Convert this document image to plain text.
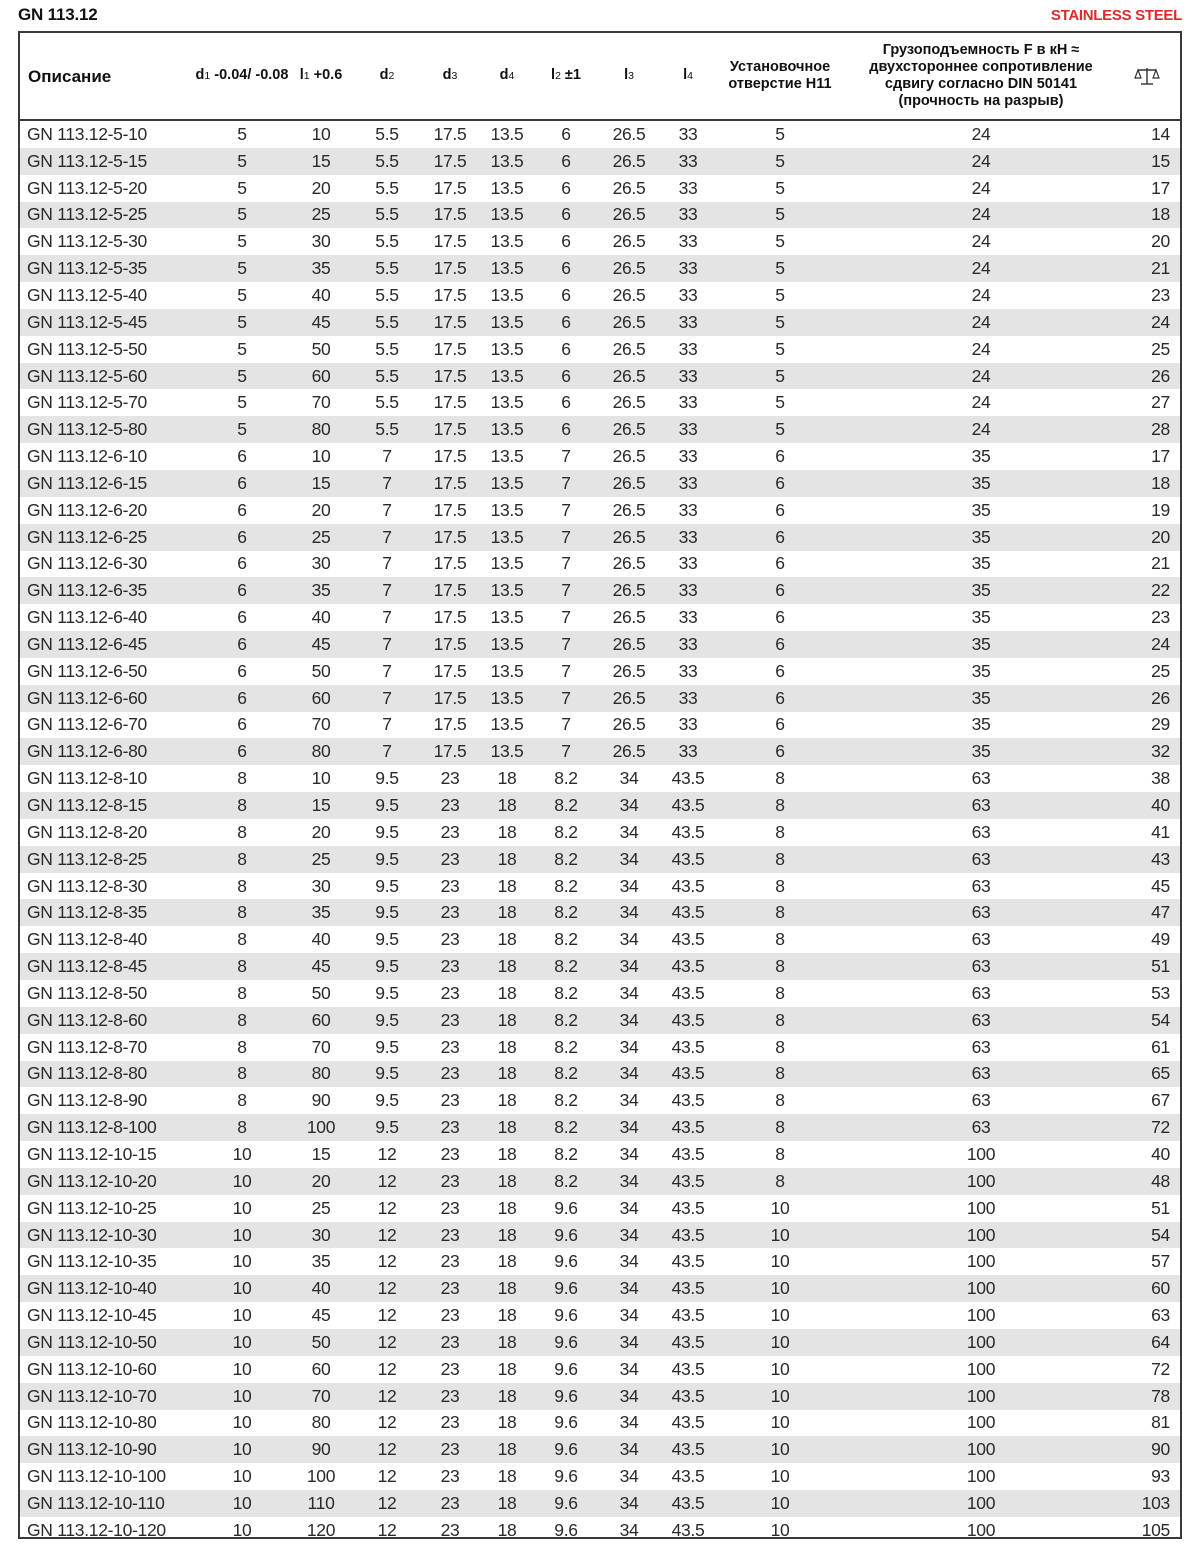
GN 113.12	STAINLESS STEEL
Описание	d1 -0.04/ -0.08	l1 +0.6	d2	d3	d4	l2 ±1	l3	l4	Установочное отверстие H11	Грузоподъемность F в кН ≈ двухстороннее сопротивление сдвигу согласно DIN 50141 (прочность на разрыв)	
GN 113.12-5-10	5	10	5.5	17.5	13.5	6	26.5	33	5	24	14
GN 113.12-5-15	5	15	5.5	17.5	13.5	6	26.5	33	5	24	15
GN 113.12-5-20	5	20	5.5	17.5	13.5	6	26.5	33	5	24	17
GN 113.12-5-25	5	25	5.5	17.5	13.5	6	26.5	33	5	24	18
GN 113.12-5-30	5	30	5.5	17.5	13.5	6	26.5	33	5	24	20
GN 113.12-5-35	5	35	5.5	17.5	13.5	6	26.5	33	5	24	21
GN 113.12-5-40	5	40	5.5	17.5	13.5	6	26.5	33	5	24	23
GN 113.12-5-45	5	45	5.5	17.5	13.5	6	26.5	33	5	24	24
GN 113.12-5-50	5	50	5.5	17.5	13.5	6	26.5	33	5	24	25
GN 113.12-5-60	5	60	5.5	17.5	13.5	6	26.5	33	5	24	26
GN 113.12-5-70	5	70	5.5	17.5	13.5	6	26.5	33	5	24	27
GN 113.12-5-80	5	80	5.5	17.5	13.5	6	26.5	33	5	24	28
GN 113.12-6-10	6	10	7	17.5	13.5	7	26.5	33	6	35	17
GN 113.12-6-15	6	15	7	17.5	13.5	7	26.5	33	6	35	18
GN 113.12-6-20	6	20	7	17.5	13.5	7	26.5	33	6	35	19
GN 113.12-6-25	6	25	7	17.5	13.5	7	26.5	33	6	35	20
GN 113.12-6-30	6	30	7	17.5	13.5	7	26.5	33	6	35	21
GN 113.12-6-35	6	35	7	17.5	13.5	7	26.5	33	6	35	22
GN 113.12-6-40	6	40	7	17.5	13.5	7	26.5	33	6	35	23
GN 113.12-6-45	6	45	7	17.5	13.5	7	26.5	33	6	35	24
GN 113.12-6-50	6	50	7	17.5	13.5	7	26.5	33	6	35	25
GN 113.12-6-60	6	60	7	17.5	13.5	7	26.5	33	6	35	26
GN 113.12-6-70	6	70	7	17.5	13.5	7	26.5	33	6	35	29
GN 113.12-6-80	6	80	7	17.5	13.5	7	26.5	33	6	35	32
GN 113.12-8-10	8	10	9.5	23	18	8.2	34	43.5	8	63	38
GN 113.12-8-15	8	15	9.5	23	18	8.2	34	43.5	8	63	40
GN 113.12-8-20	8	20	9.5	23	18	8.2	34	43.5	8	63	41
GN 113.12-8-25	8	25	9.5	23	18	8.2	34	43.5	8	63	43
GN 113.12-8-30	8	30	9.5	23	18	8.2	34	43.5	8	63	45
GN 113.12-8-35	8	35	9.5	23	18	8.2	34	43.5	8	63	47
GN 113.12-8-40	8	40	9.5	23	18	8.2	34	43.5	8	63	49
GN 113.12-8-45	8	45	9.5	23	18	8.2	34	43.5	8	63	51
GN 113.12-8-50	8	50	9.5	23	18	8.2	34	43.5	8	63	53
GN 113.12-8-60	8	60	9.5	23	18	8.2	34	43.5	8	63	54
GN 113.12-8-70	8	70	9.5	23	18	8.2	34	43.5	8	63	61
GN 113.12-8-80	8	80	9.5	23	18	8.2	34	43.5	8	63	65
GN 113.12-8-90	8	90	9.5	23	18	8.2	34	43.5	8	63	67
GN 113.12-8-100	8	100	9.5	23	18	8.2	34	43.5	8	63	72
GN 113.12-10-15	10	15	12	23	18	8.2	34	43.5	8	100	40
GN 113.12-10-20	10	20	12	23	18	8.2	34	43.5	8	100	48
GN 113.12-10-25	10	25	12	23	18	9.6	34	43.5	10	100	51
GN 113.12-10-30	10	30	12	23	18	9.6	34	43.5	10	100	54
GN 113.12-10-35	10	35	12	23	18	9.6	34	43.5	10	100	57
GN 113.12-10-40	10	40	12	23	18	9.6	34	43.5	10	100	60
GN 113.12-10-45	10	45	12	23	18	9.6	34	43.5	10	100	63
GN 113.12-10-50	10	50	12	23	18	9.6	34	43.5	10	100	64
GN 113.12-10-60	10	60	12	23	18	9.6	34	43.5	10	100	72
GN 113.12-10-70	10	70	12	23	18	9.6	34	43.5	10	100	78
GN 113.12-10-80	10	80	12	23	18	9.6	34	43.5	10	100	81
GN 113.12-10-90	10	90	12	23	18	9.6	34	43.5	10	100	90
GN 113.12-10-100	10	100	12	23	18	9.6	34	43.5	10	100	93
GN 113.12-10-110	10	110	12	23	18	9.6	34	43.5	10	100	103
GN 113.12-10-120	10	120	12	23	18	9.6	34	43.5	10	100	105
